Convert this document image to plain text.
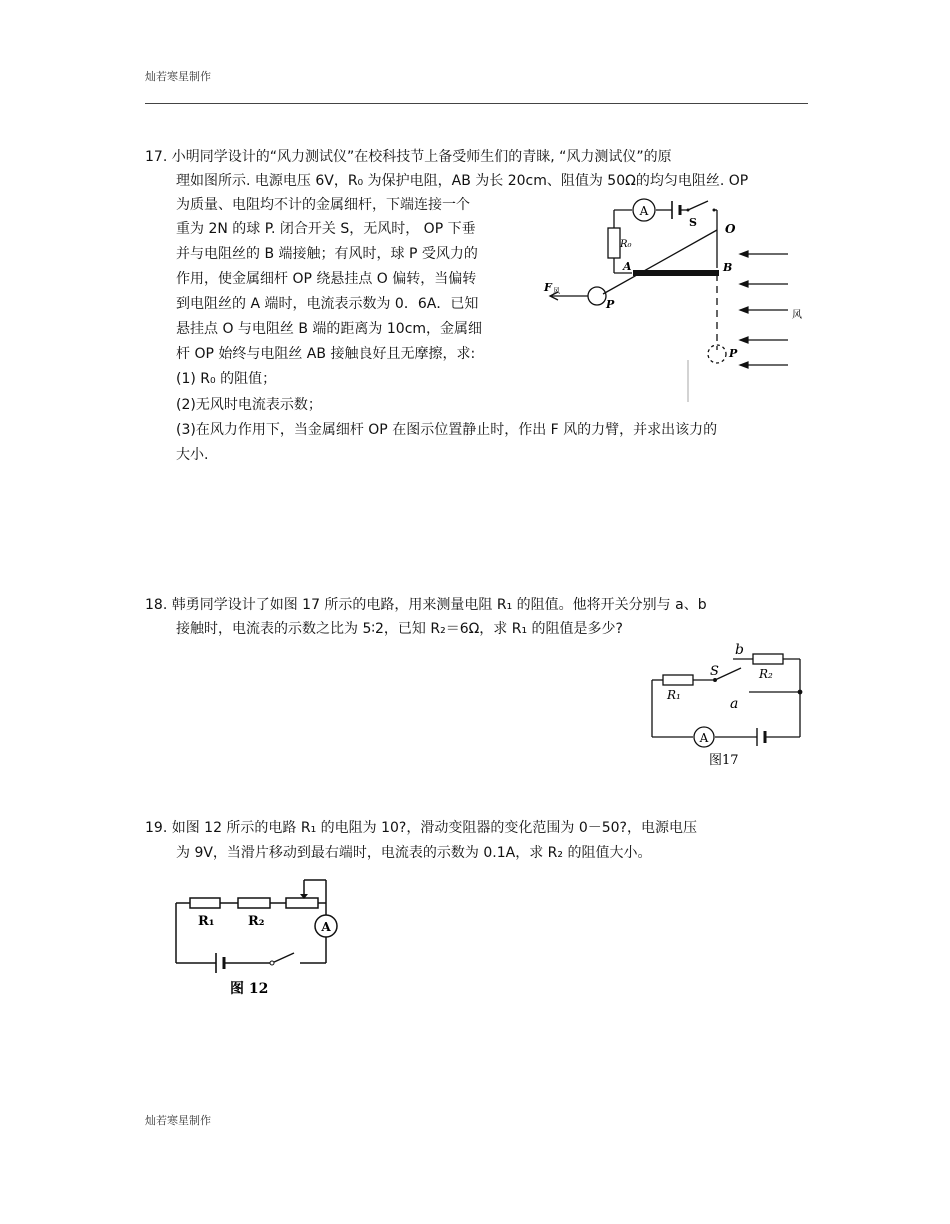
灿若寒星制作
17. 小明同学设计的“风力测试仪”在校科技节上备受师生们的青睐, “风力测试仪”的原
理如图所示. 电源电压 6V，R₀ 为保护电阻，AB 为长 20cm、阻值为 50Ω的均匀电阻丝. OP
为质量、电阻均不计的金属细杆，下端连接一个
重为 2N 的球 P. 闭合开关 S，无风时， OP 下垂
并与电阻丝的 B 端接触；有风时，球 P 受风力的
作用，使金属细杆 OP 绕悬挂点 O 偏转，当偏转
到电阻丝的 A 端时，电流表示数为 0．6A．已知
悬挂点 O 与电阻丝 B 端的距离为 10cm，金属细
杆 OP 始终与电阻丝 AB 接触良好且无摩擦，求:
(1) R₀ 的阻值；
(2)无风时电流表示数；
(3)在风力作用下，当金属细杆 OP 在图示位置静止时，作出 F 风的力臂，并求出该力的
大小.
A
S
R₀
O
A	B
P
P
F 风
风
18. 韩勇同学设计了如图 17 所示的电路，用来测量电阻 R₁ 的阻值。他将开关分别与 a、b
接触时，电流表的示数之比为 5∶2，已知 R₂＝6Ω，求 R₁ 的阻值是多少?
A
R₁
R₂
S
b
a
图17
19. 如图 12 所示的电路 R₁ 的电阻为 10?，滑动变阻器的变化范围为 0－50?，电源电压
为 9V，当滑片移动到最右端时，电流表的示数为 0.1A，求 R₂ 的阻值大小。
A
R₁	R₂
图 12
灿若寒星制作
